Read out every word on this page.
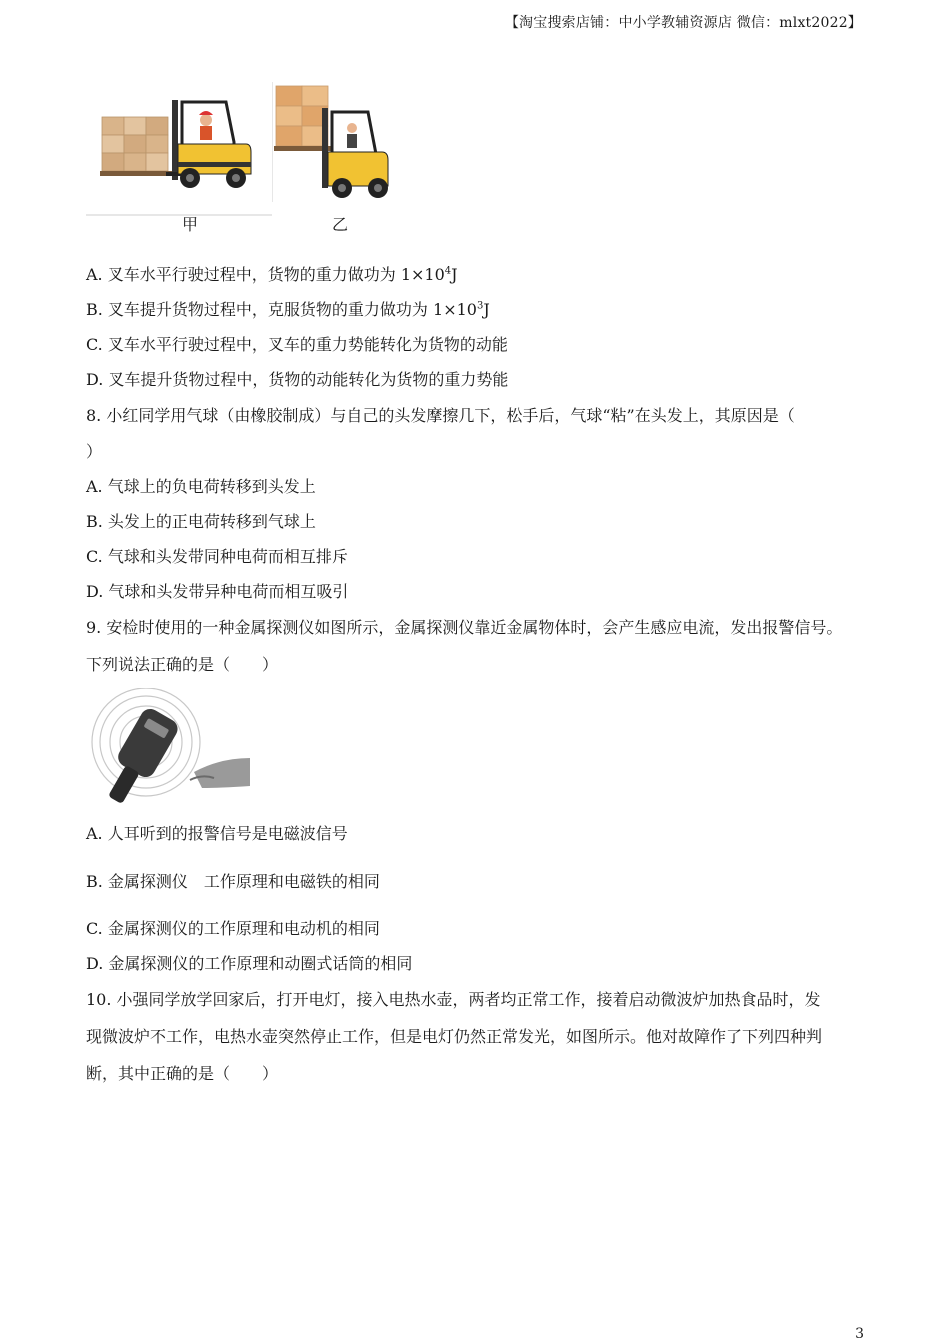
【淘宝搜索店铺：中小学教辅资源店 微信：mlxt2022】
甲	乙
A. 叉车水平行驶过程中，货物的重力做功为 $1\times 10^4J$
B. 叉车提升货物过程中，克服货物的重力做功为 $1\times 10^3J$
C. 叉车水平行驶过程中，叉车的重力势能转化为货物的动能
D. 叉车提升货物过程中，货物的动能转化为货物的重力势能
8. 小红同学用气球（由橡胶制成）与自己的头发摩擦几下，松手后，气球“粘”在头发上，其原因是（
）
A. 气球上的负电荷转移到头发上
B. 头发上的正电荷转移到气球上
C. 气球和头发带同种电荷而相互排斥
D. 气球和头发带异种电荷而相互吸引
9. 安检时使用的一种金属探测仪如图所示，金属探测仪靠近金属物体时，会产生感应电流，发出报警信号。
下列说法正确的是（　　）
A. 人耳听到的报警信号是电磁波信号
B. 金属探测仪　工作原理和电磁铁的相同
C. 金属探测仪的工作原理和电动机的相同
D. 金属探测仪的工作原理和动圈式话筒的相同
10. 小强同学放学回家后，打开电灯，接入电热水壶，两者均正常工作，接着启动微波炉加热食品时，发
现微波炉不工作，电热水壶突然停止工作，但是电灯仍然正常发光，如图所示。他对故障作了下列四种判
断，其中正确的是（　　）
3
